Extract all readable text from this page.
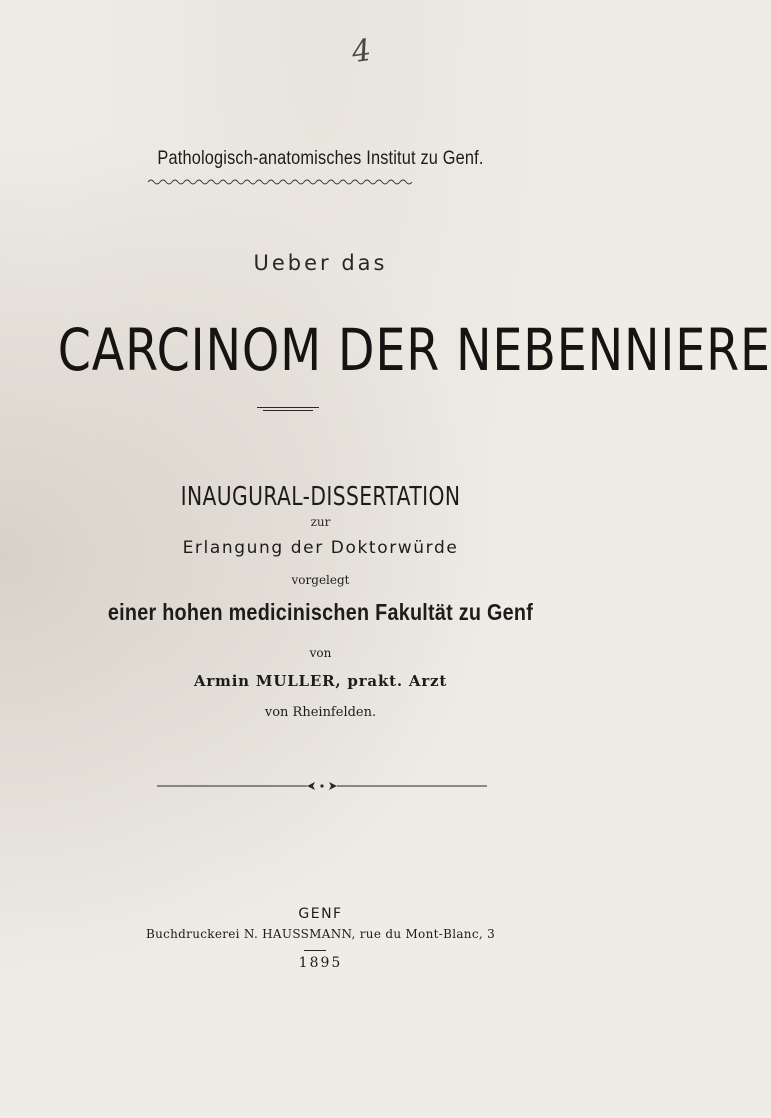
4
Pathologisch-anatomisches Institut zu Genf.
Ueber das
CARCINOM DER NEBENNIERE
INAUGURAL-DISSERTATION
zur
Erlangung der Doktorwürde
vorgelegt
einer hohen medicinischen Fakultät zu Genf
von
Armin MULLER, prakt. Arzt
von Rheinfelden.
GENF
Buchdruckerei N. HAUSSMANN, rue du Mont-Blanc, 3
1895
